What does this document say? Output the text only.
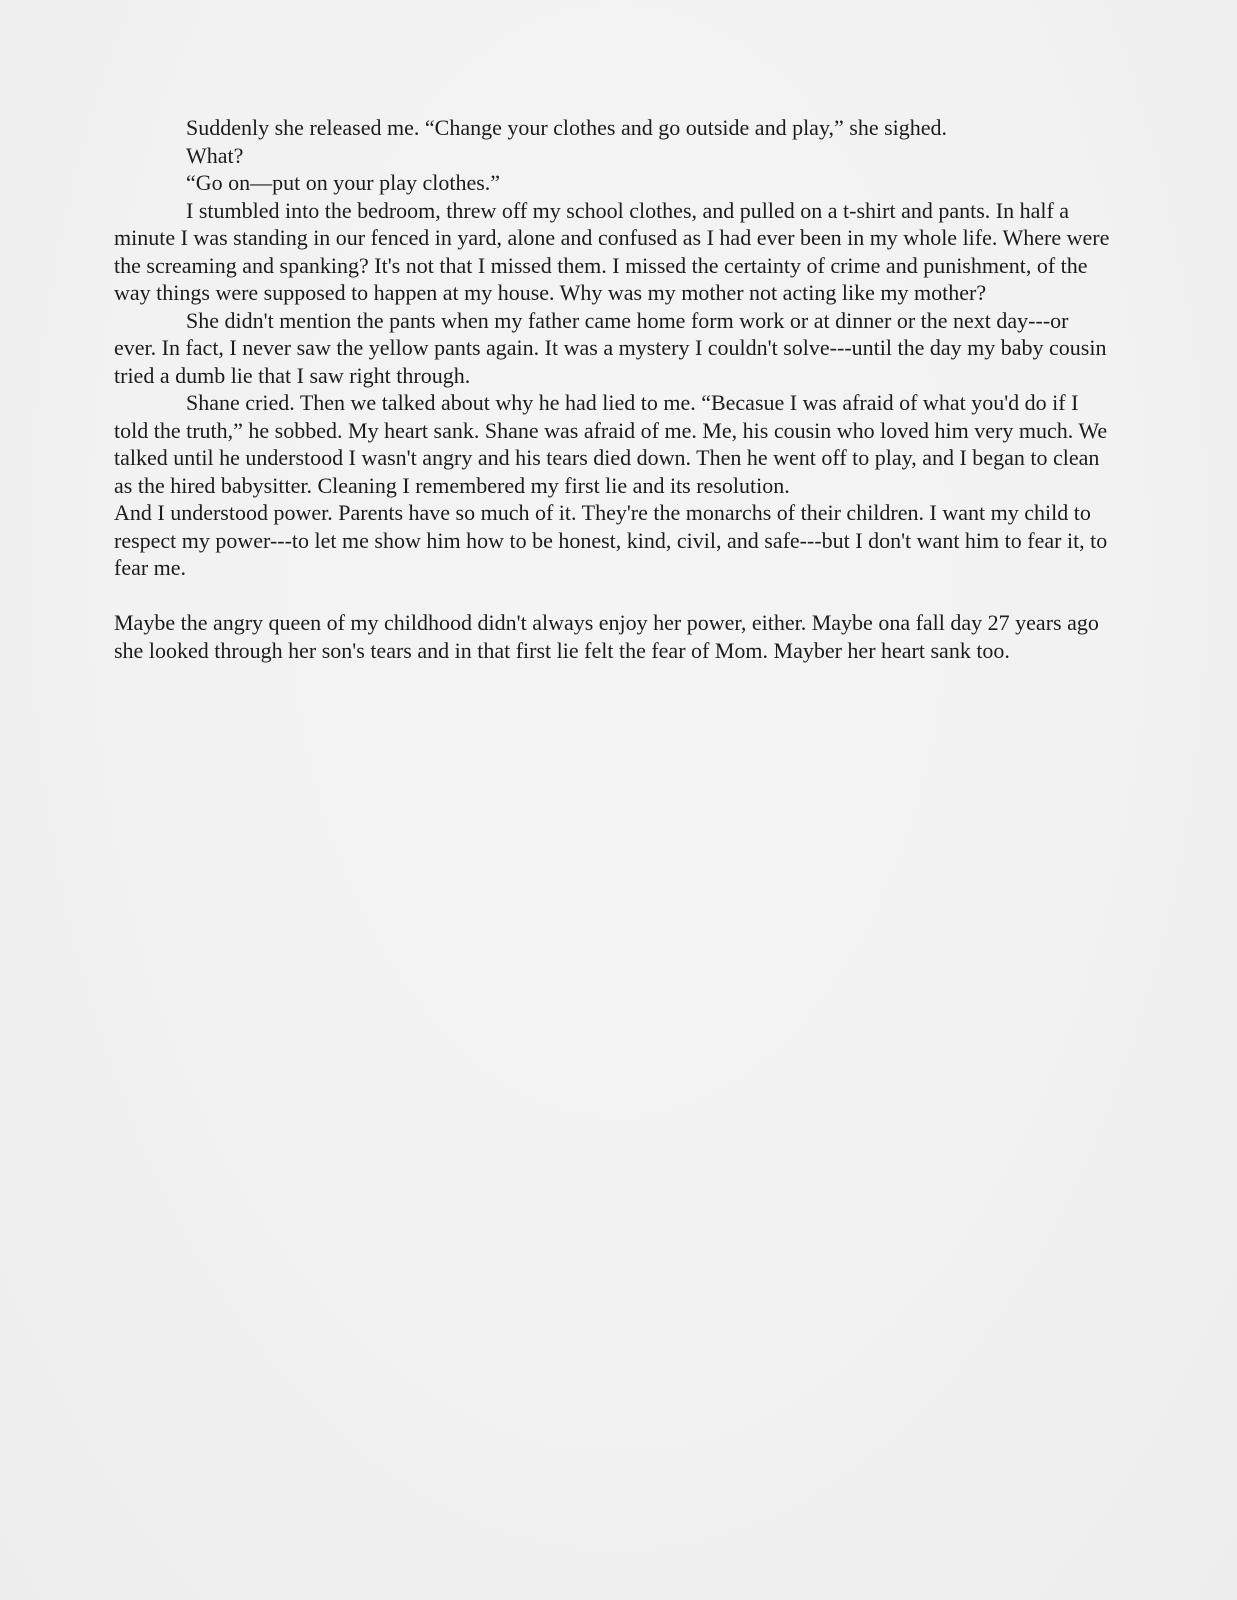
Suddenly she released me. “Change your clothes and go outside and play,” she sighed.

What?

“Go on—put on your play clothes.”

I stumbled into the bedroom, threw off my school clothes, and pulled on a t-shirt and pants. In half a minute I was standing in our fenced in yard, alone and confused as I had ever been in my whole life. Where were the screaming and spanking? It's not that I missed them. I missed the certainty of crime and punishment, of the way things were supposed to happen at my house. Why was my mother not acting like my mother?

She didn't mention the pants when my father came home form work or at dinner or the next day---or ever. In fact, I never saw the yellow pants again. It was a mystery I couldn't solve---until the day my baby cousin tried a dumb lie that I saw right through.

Shane cried. Then we talked about why he had lied to me. “Becasue I was afraid of what you'd do if I told the truth,” he sobbed. My heart sank. Shane was afraid of me. Me, his cousin who loved him very much. We talked until he understood I wasn't angry and his tears died down. Then he went off to play, and I began to clean as the hired babysitter. Cleaning I remembered my first lie and its resolution.

And I understood power. Parents have so much of it. They're the monarchs of their children. I want my child to respect my power---to let me show him how to be honest, kind, civil, and safe---but I don't want him to fear it, to fear me.

Maybe the angry queen of my childhood didn't always enjoy her power, either. Maybe ona fall day 27 years ago she looked through her son's tears and in that first lie felt the fear of Mom. Mayber her heart sank too.
